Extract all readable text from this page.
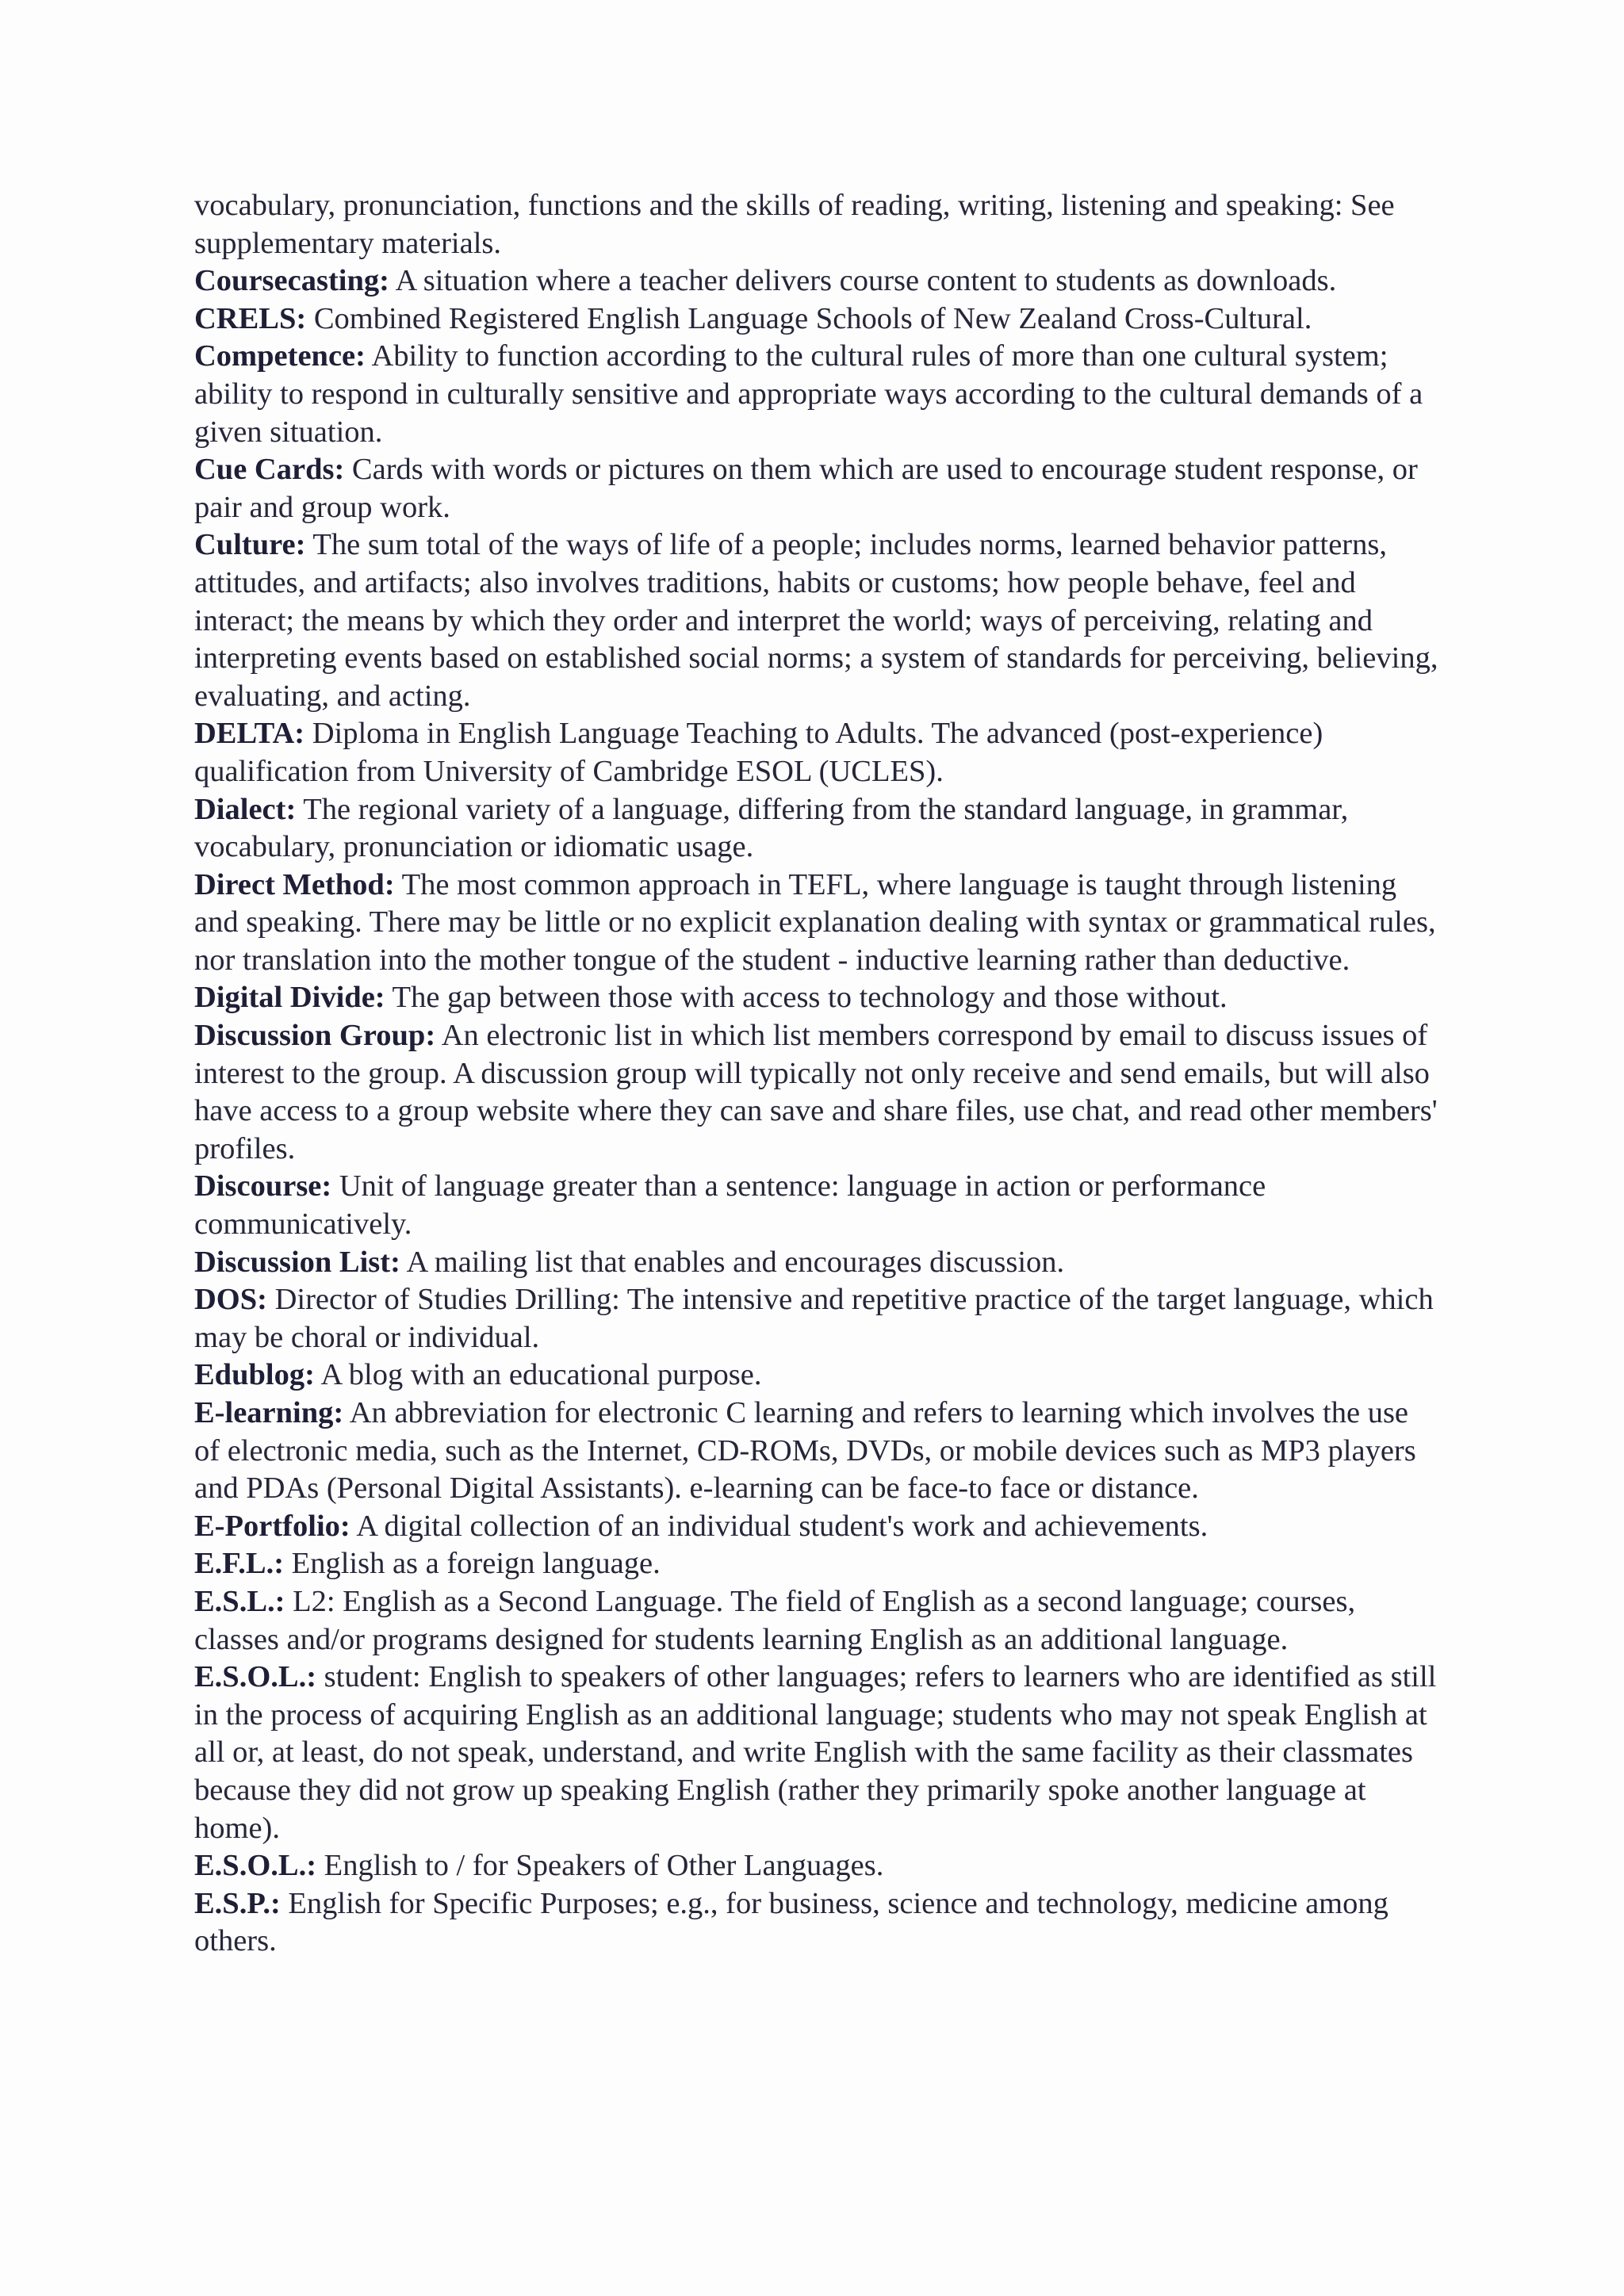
vocabulary, pronunciation, functions and the skills of reading, writing, listening and speaking: See supplementary materials.

Coursecasting: A situation where a teacher delivers course content to students as downloads.

CRELS: Combined Registered English Language Schools of New Zealand Cross-Cultural.

Competence: Ability to function according to the cultural rules of more than one cultural system; ability to respond in culturally sensitive and appropriate ways according to the cultural demands of a given situation.

Cue Cards: Cards with words or pictures on them which are used to encourage student response, or pair and group work.

Culture: The sum total of the ways of life of a people; includes norms, learned behavior patterns, attitudes, and artifacts; also involves traditions, habits or customs; how people behave, feel and interact; the means by which they order and interpret the world; ways of perceiving, relating and interpreting events based on established social norms; a system of standards for perceiving, believing, evaluating, and acting.

DELTA: Diploma in English Language Teaching to Adults. The advanced (post-experience) qualification from University of Cambridge ESOL (UCLES).

Dialect: The regional variety of a language, differing from the standard language, in grammar, vocabulary, pronunciation or idiomatic usage.

Direct Method: The most common approach in TEFL, where language is taught through listening and speaking. There may be little or no explicit explanation dealing with syntax or grammatical rules, nor translation into the mother tongue of the student - inductive learning rather than deductive.

Digital Divide: The gap between those with access to technology and those without.

Discussion Group: An electronic list in which list members correspond by email to discuss issues of interest to the group. A discussion group will typically not only receive and send emails, but will also have access to a group website where they can save and share files, use chat, and read other members' profiles.

Discourse: Unit of language greater than a sentence: language in action or performance communicatively.

Discussion List: A mailing list that enables and encourages discussion.

DOS: Director of Studies Drilling: The intensive and repetitive practice of the target language, which may be choral or individual.

Edublog: A blog with an educational purpose.

E-learning: An abbreviation for electronic C learning and refers to learning which involves the use of electronic media, such as the Internet, CD-ROMs, DVDs, or mobile devices such as MP3 players and PDAs (Personal Digital Assistants). e-learning can be face-to face or distance.

E-Portfolio: A digital collection of an individual student's work and achievements.

E.F.L.: English as a foreign language.

E.S.L.: L2: English as a Second Language. The field of English as a second language; courses, classes and/or programs designed for students learning English as an additional language.

E.S.O.L.: student: English to speakers of other languages; refers to learners who are identified as still in the process of acquiring English as an additional language; students who may not speak English at all or, at least, do not speak, understand, and write English with the same facility as their classmates because they did not grow up speaking English (rather they primarily spoke another language at home).

E.S.O.L.: English to / for Speakers of Other Languages.

E.S.P.: English for Specific Purposes; e.g., for business, science and technology, medicine among others.
